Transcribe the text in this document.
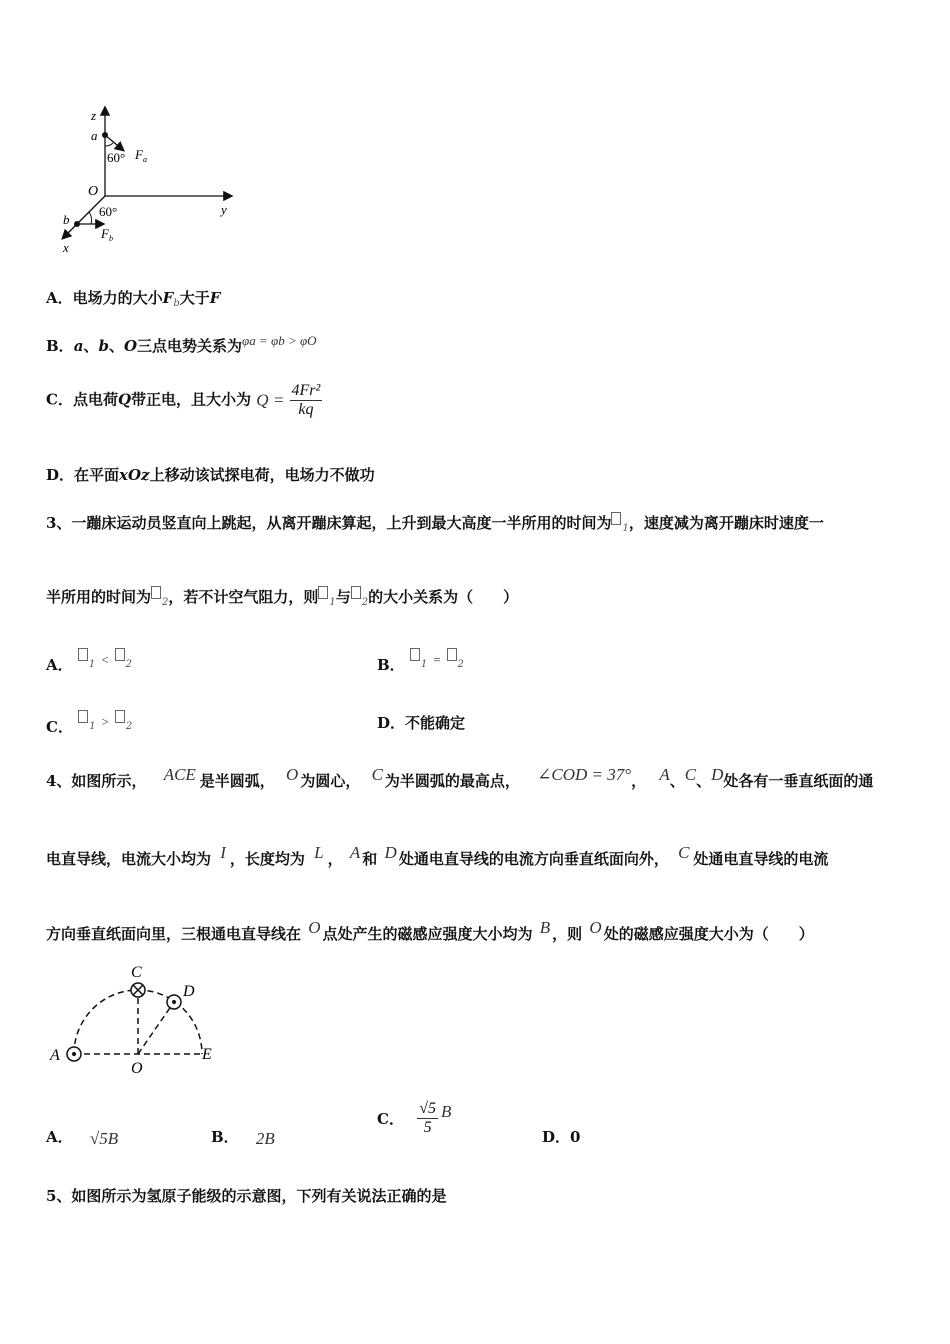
z
y
x
O
a
60° $F_a$
b
60°
$F_b$
A．电场力的大小$F_b$大于F
B．a、b、O三点电势关系为φa = φb > φO
C．点电荷Q带正电，且大小为 $Q = \frac{\text{4Fr²}}{kq}$
D．在平面xOz上移动该试探电荷，电场力不做功
3、一蹦床运动员竖直向上跳起，从离开蹦床算起，上升到最大高度一半所用的时间为 $_1$，速度减为离开蹦床时速度一
半所用的时间为 $_2$，若不计空气阻力，则 $_1$与 $_2$的大小关系为（　　）
A． $_1$ < $_2$	B． $_1$ = $_2$
C． $_1$ > $_2$	D．不能确定
4、如图所示， ACE 是半圆弧， O 为圆心， C 为半圆弧的最高点， ∠COD = 37°， A、C、D处各有一垂直纸面的通
电直导线，电流大小均为 I ，长度均为 L ， A 和 D 处通电直导线的电流方向垂直纸面向外， C 处通电直导线的电流
方向垂直纸面向里，三根通电直导线在 O 点处产生的磁感应强度大小均为 B ，则 O 处的磁感应强度大小为（　　）
A
C
D
O
E
A． √5B	B． 2B
C． $\frac{√5}{5}$ B
D．0
5、如图所示为氢原子能级的示意图，下列有关说法正确的是
